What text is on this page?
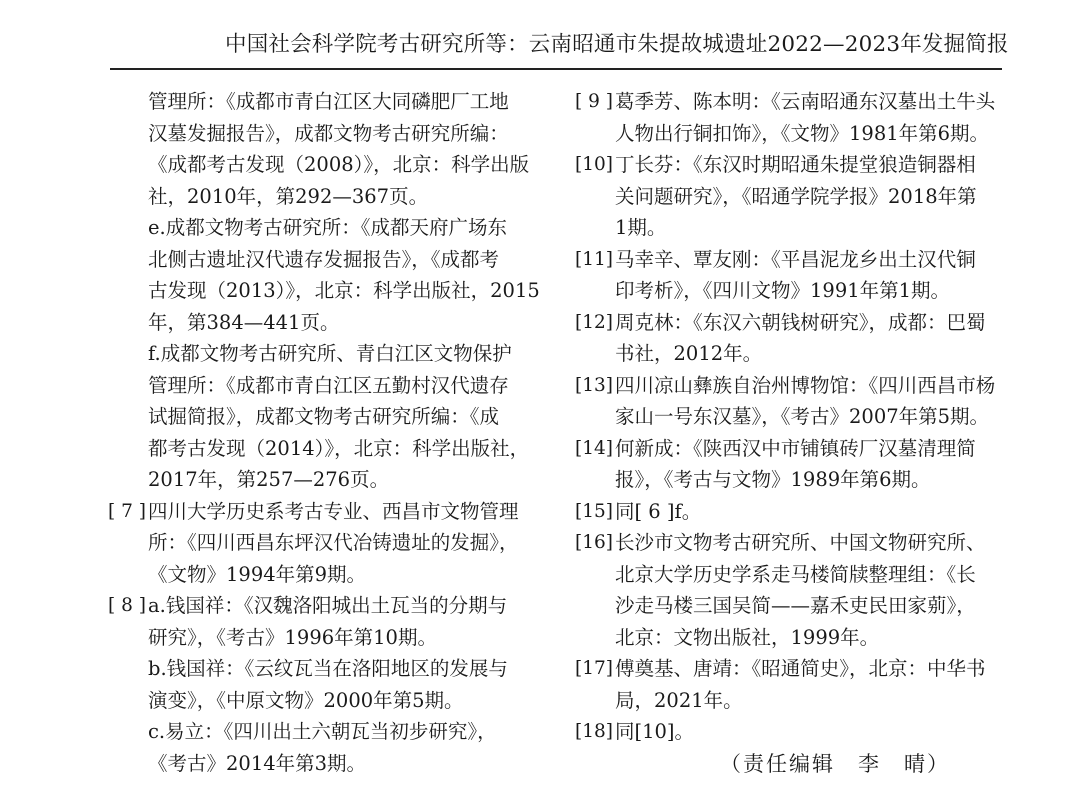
中国社会科学院考古研究所等：云南昭通市朱提故城遗址2022—2023年发掘简报
管理所：《成都市青白江区大同磷肥厂工地
汉墓发掘报告》，成都文物考古研究所编：
《成都考古发现（2008）》，北京：科学出版
社，2010年，第292—367页。
e.成都文物考古研究所：《成都天府广场东
北侧古遗址汉代遗存发掘报告》，《成都考
古发现（2013）》，北京：科学出版社，2015
年，第384—441页。
f.成都文物考古研究所、青白江区文物保护
管理所：《成都市青白江区五勤村汉代遗存
试掘简报》，成都文物考古研究所编：《成
都考古发现（2014）》，北京：科学出版社，
2017年，第257—276页。
[ 7 ] 四川大学历史系考古专业、西昌市文物管理
所：《四川西昌东坪汉代冶铸遗址的发掘》，
《文物》1994年第9期。
[ 8 ] a.钱国祥：《汉魏洛阳城出土瓦当的分期与
研究》，《考古》1996年第10期。
b.钱国祥：《云纹瓦当在洛阳地区的发展与
演变》，《中原文物》2000年第5期。
c.易立：《四川出土六朝瓦当初步研究》，
《考古》2014年第3期。
[ 9 ] 葛季芳、陈本明：《云南昭通东汉墓出土牛头
人物出行铜扣饰》，《文物》1981年第6期。
[10] 丁长芬：《东汉时期昭通朱提堂狼造铜器相
关问题研究》，《昭通学院学报》2018年第
1期。
[11] 马幸辛、覃友刚：《平昌泥龙乡出土汉代铜
印考析》，《四川文物》1991年第1期。
[12] 周克林：《东汉六朝钱树研究》，成都：巴蜀
书社，2012年。
[13] 四川凉山彝族自治州博物馆：《四川西昌市杨
家山一号东汉墓》，《考古》2007年第5期。
[14] 何新成：《陕西汉中市铺镇砖厂汉墓清理简
报》，《考古与文物》1989年第6期。
[15] 同[ 6 ]f。
[16] 长沙市文物考古研究所、中国文物研究所、
北京大学历史学系走马楼简牍整理组：《长
沙走马楼三国吴简——嘉禾吏民田家莂》，
北京：文物出版社，1999年。
[17] 傅奠基、唐靖：《昭通简史》，北京：中华书
局，2021年。
[18] 同[10]。
（责任编辑　李　晴）
